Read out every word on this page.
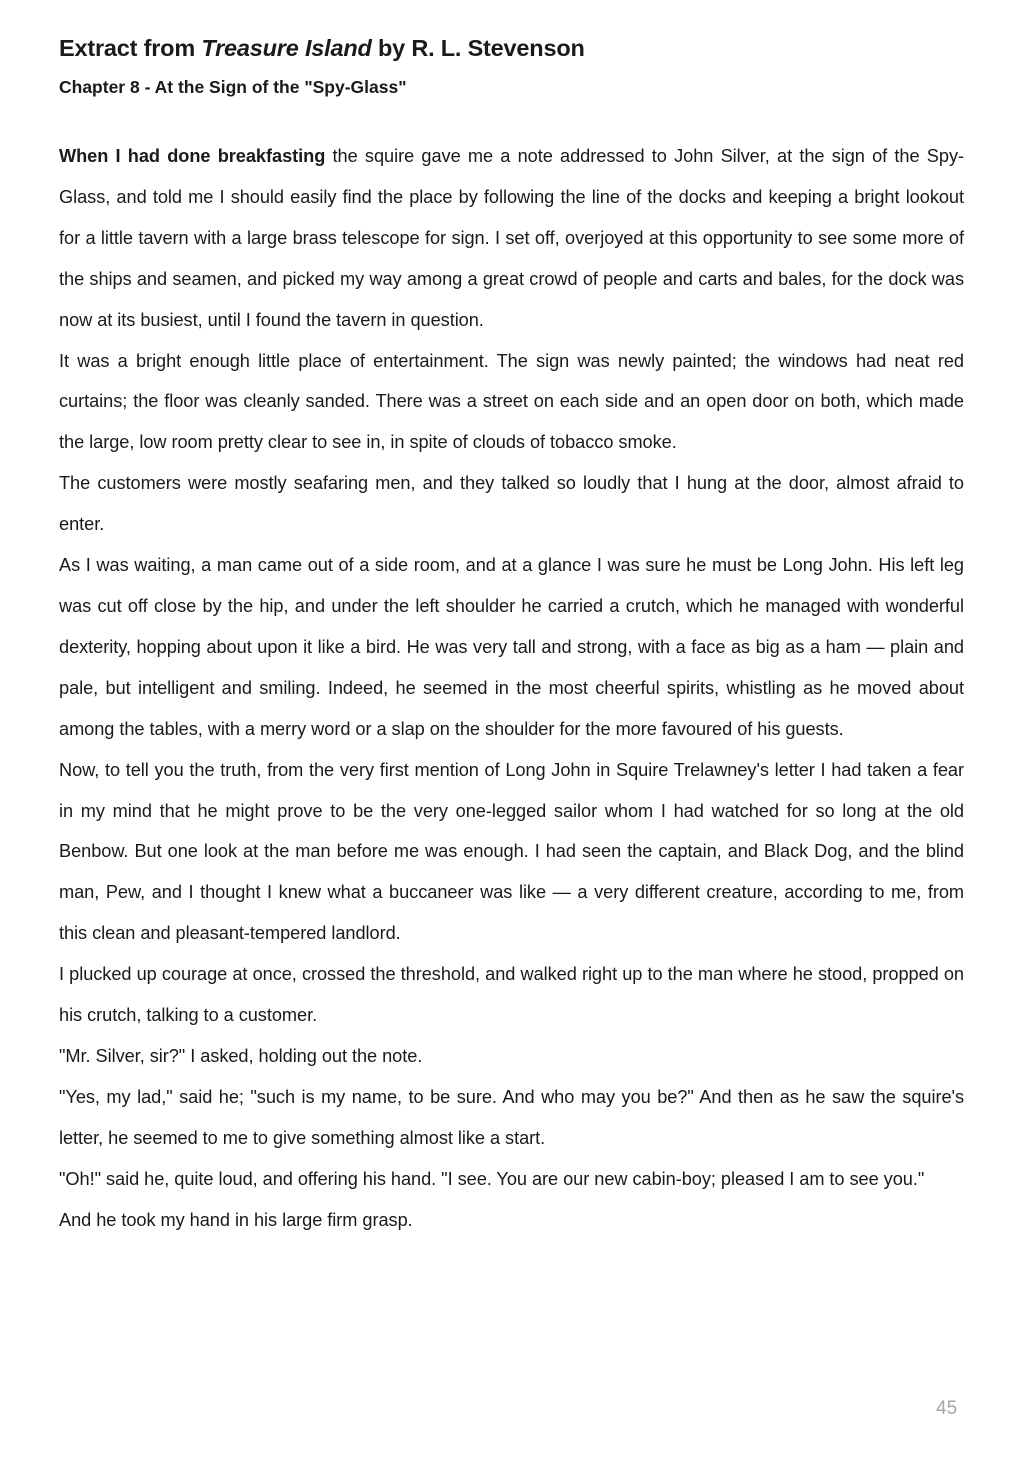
Extract from Treasure Island by R. L. Stevenson
Chapter 8 - At the Sign of the "Spy-Glass"

When I had done breakfasting the squire gave me a note addressed to John Silver, at the sign of the Spy-Glass, and told me I should easily find the place by following the line of the docks and keeping a bright lookout for a little tavern with a large brass telescope for sign. I set off, overjoyed at this opportunity to see some more of the ships and seamen, and picked my way among a great crowd of people and carts and bales, for the dock was now at its busiest, until I found the tavern in question.

It was a bright enough little place of entertainment. The sign was newly painted; the windows had neat red curtains; the floor was cleanly sanded. There was a street on each side and an open door on both, which made the large, low room pretty clear to see in, in spite of clouds of tobacco smoke.

The customers were mostly seafaring men, and they talked so loudly that I hung at the door, almost afraid to enter.

As I was waiting, a man came out of a side room, and at a glance I was sure he must be Long John. His left leg was cut off close by the hip, and under the left shoulder he carried a crutch, which he managed with wonderful dexterity, hopping about upon it like a bird. He was very tall and strong, with a face as big as a ham — plain and pale, but intelligent and smiling. Indeed, he seemed in the most cheerful spirits, whistling as he moved about among the tables, with a merry word or a slap on the shoulder for the more favoured of his guests.

Now, to tell you the truth, from the very first mention of Long John in Squire Trelawney's letter I had taken a fear in my mind that he might prove to be the very one-legged sailor whom I had watched for so long at the old Benbow. But one look at the man before me was enough. I had seen the captain, and Black Dog, and the blind man, Pew, and I thought I knew what a buccaneer was like — a very different creature, according to me, from this clean and pleasant-tempered landlord.

I plucked up courage at once, crossed the threshold, and walked right up to the man where he stood, propped on his crutch, talking to a customer.

"Mr. Silver, sir?" I asked, holding out the note.

"Yes, my lad," said he; "such is my name, to be sure. And who may you be?" And then as he saw the squire's letter, he seemed to me to give something almost like a start.

"Oh!" said he, quite loud, and offering his hand. "I see. You are our new cabin-boy; pleased I am to see you."

And he took my hand in his large firm grasp.

45
